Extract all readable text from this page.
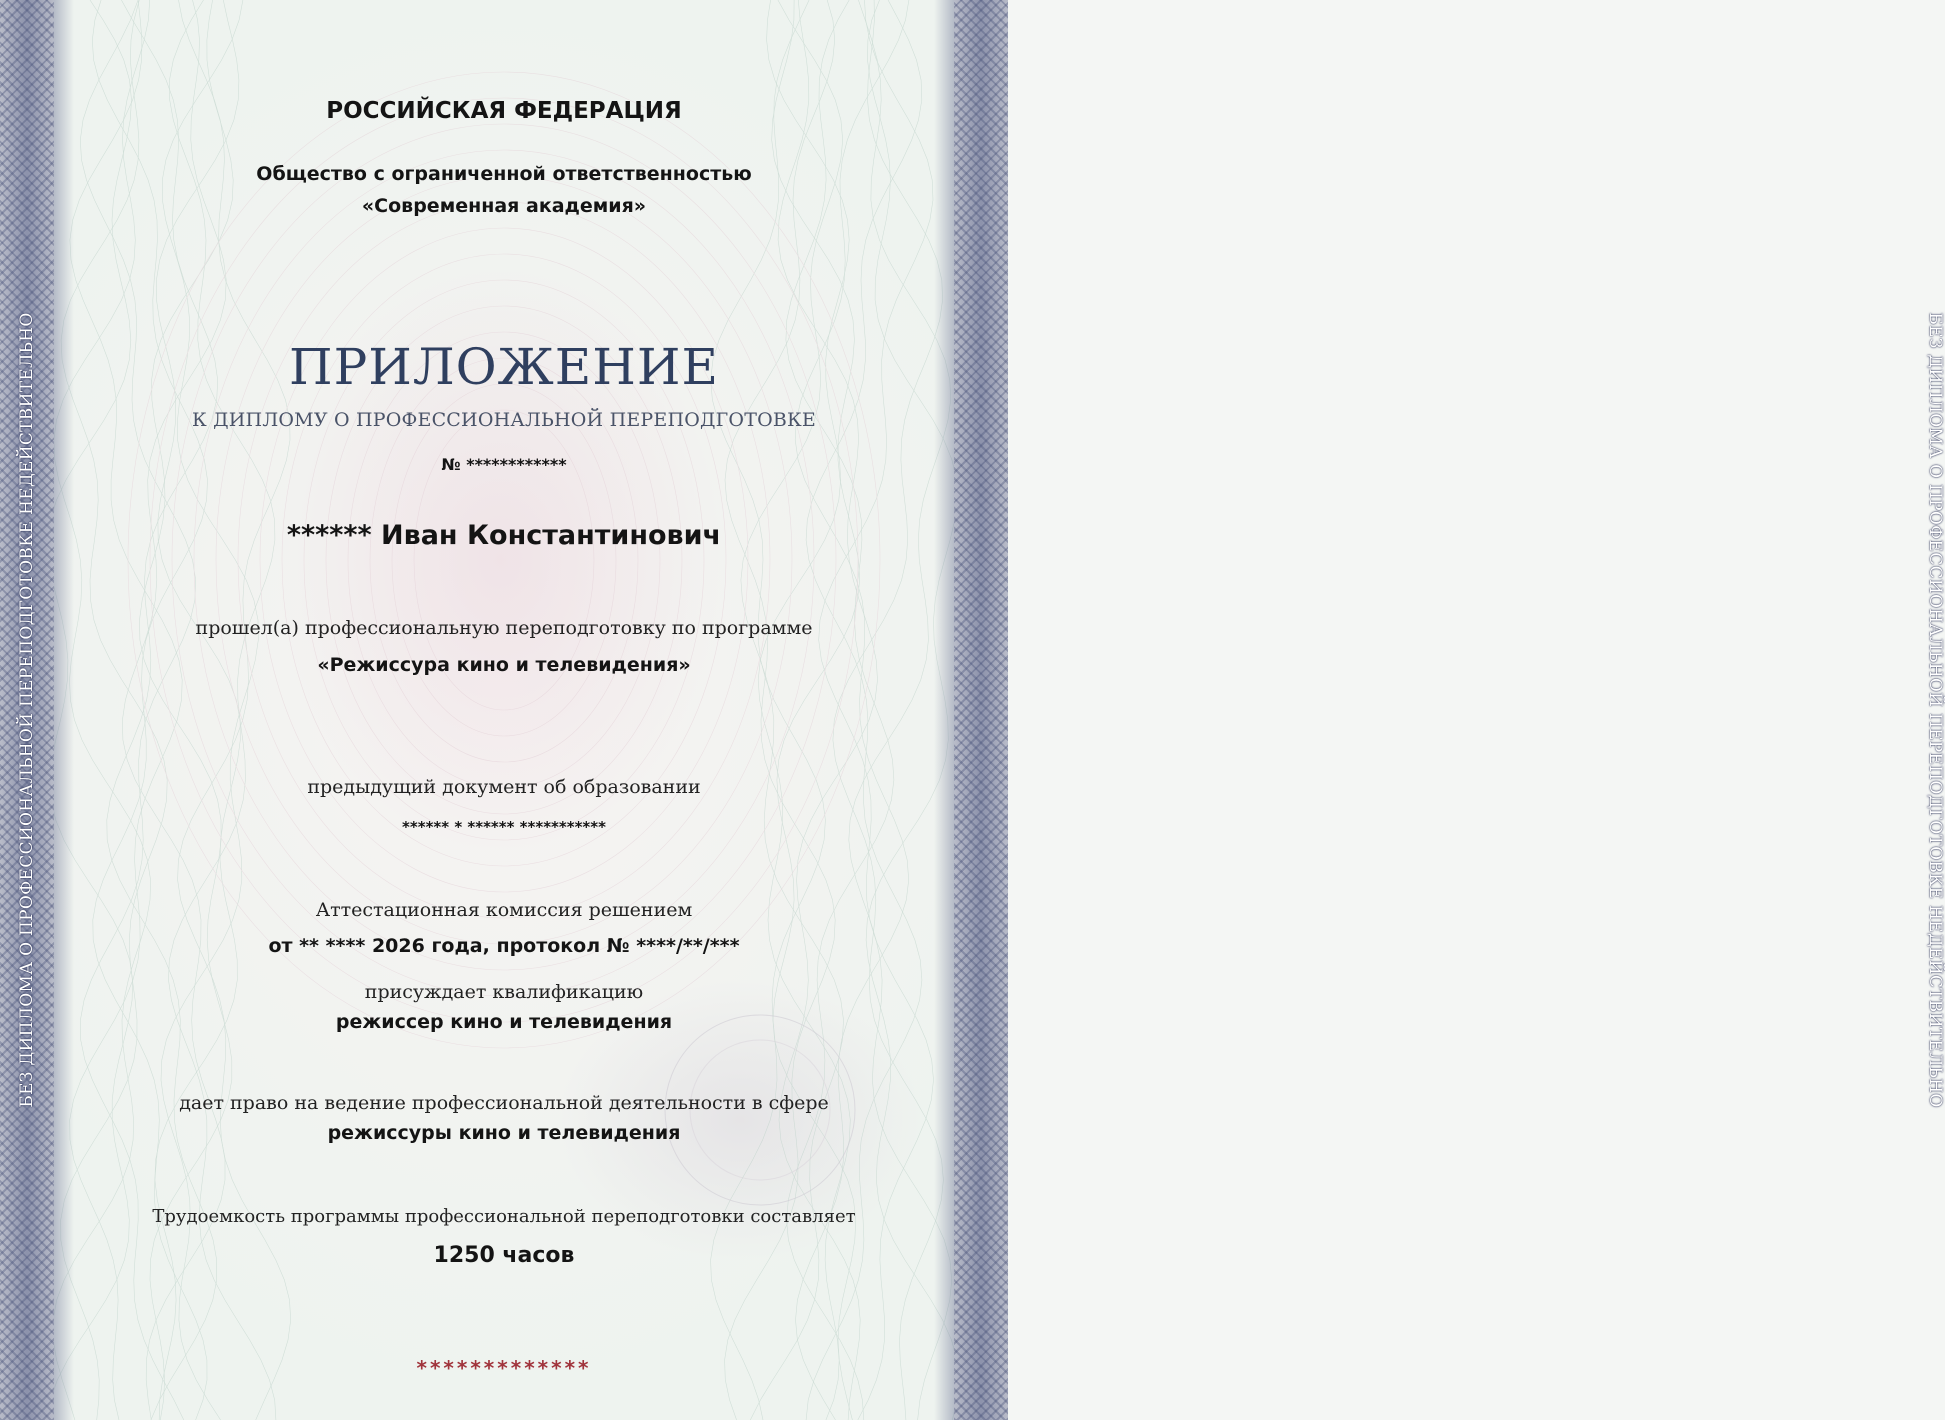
БЕЗ ДИПЛОМА О ПРОФЕССИОНАЛЬНОЙ ПЕРЕПОДГОТОВКЕ НЕДЕЙСТВИТЕЛЬНО	БЕЗ ДИПЛОМА О ПРОФЕССИОНАЛЬНОЙ ПЕРЕПОДГОТОВКЕ НЕДЕЙСТВИТЕЛЬНО
РОССИЙСКАЯ ФЕДЕРАЦИЯ
Общество с ограниченной ответственностью
«Современная академия»
ПРИЛОЖЕНИЕ
К ДИПЛОМУ О ПРОФЕССИОНАЛЬНОЙ ПЕРЕПОДГОТОВКЕ
№ ************
****** Иван Константинович
прошел(а) профессиональную переподготовку по программе
«Режиссура кино и телевидения»
предыдущий документ об образовании
****** * ****** ***********
Аттестационная комиссия решением
от ** **** 2026 года, протокол № ****/**/***
присуждает квалификацию
режиссер кино и телевидения
дает право на ведение профессиональной деятельности в сфере
режиссуры кино и телевидения
Трудоемкость программы профессиональной переподготовки составляет
1250 часов
*************
